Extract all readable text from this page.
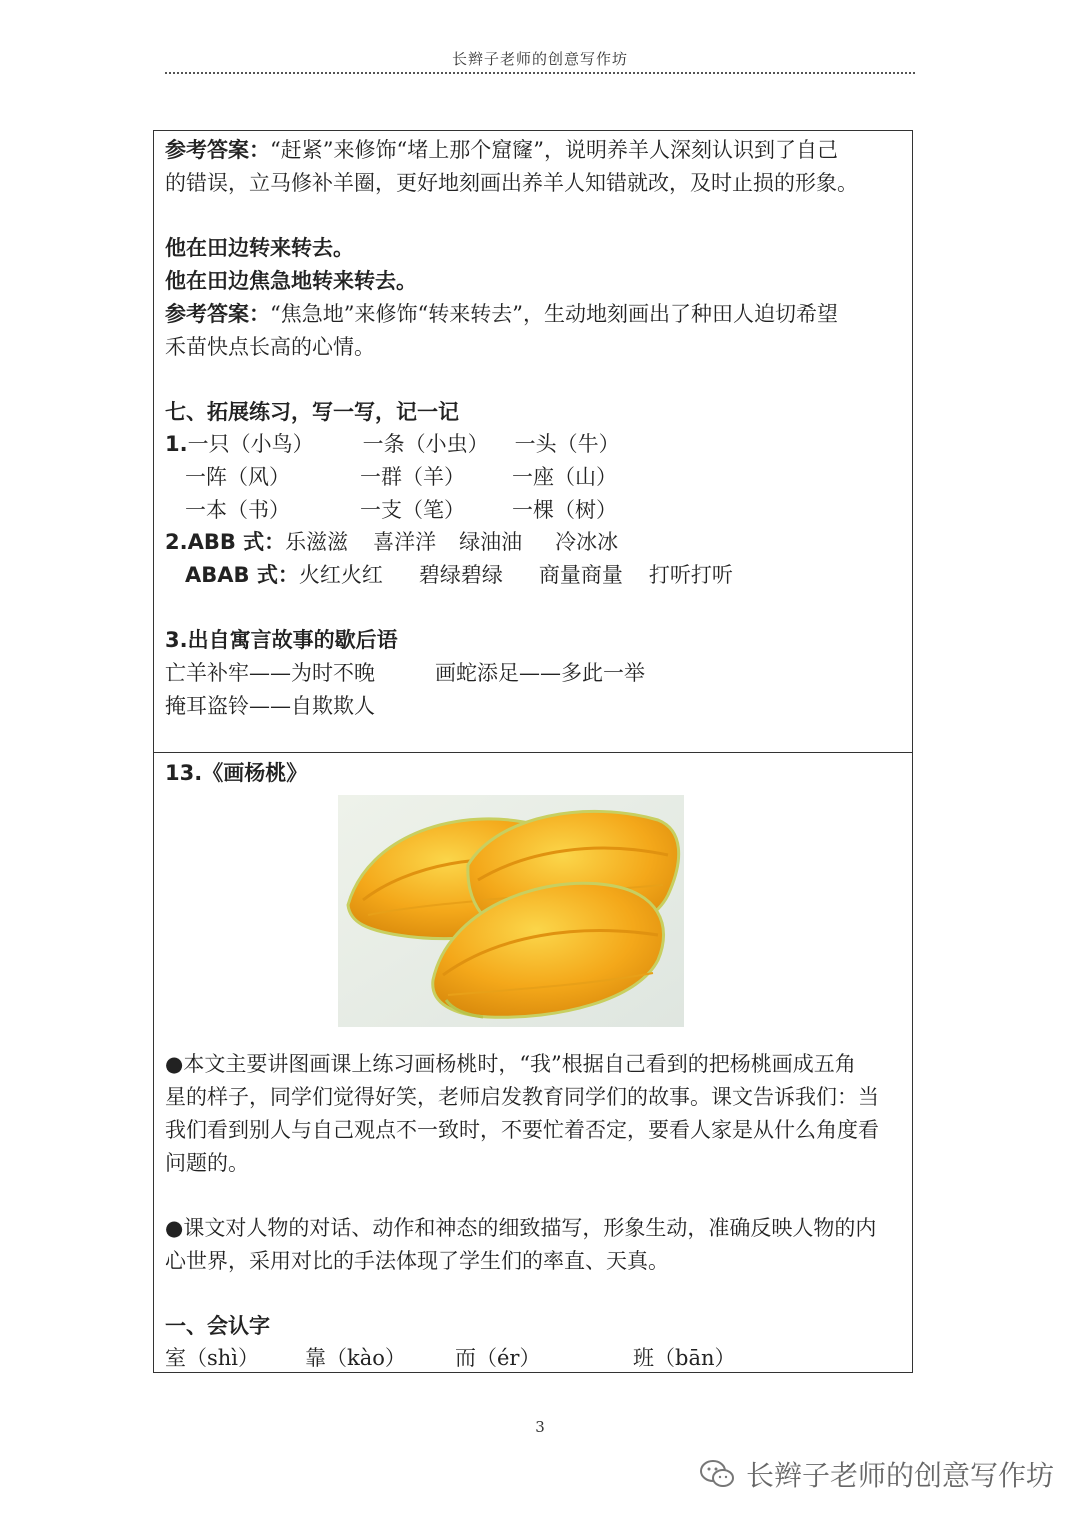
长辫子老师的创意写作坊
参考答案：“赶紧”来修饰“堵上那个窟窿”，说明养羊人深刻认识到了自己
的错误，立马修补羊圈，更好地刻画出养羊人知错就改，及时止损的形象。
他在田边转来转去。
他在田边焦急地转来转去。
参考答案：“焦急地”来修饰“转来转去”，生动地刻画出了种田人迫切希望
禾苗快点长高的心情。
七、拓展练习，写一写，记一记
1.一只（小鸟） 一条（小虫） 一头（牛）
一阵（风）	一群（羊） 一座（山）
一本（书）	一支（笔） 一棵（树）
2.ABB 式：乐滋滋 喜洋洋 绿油油 冷冰冰
ABAB 式：火红火红 碧绿碧绿 商量商量 打听打听
3.出自寓言故事的歇后语
亡羊补牢——为时不晚	画蛇添足——多此一举
掩耳盗铃——自欺欺人
13.《画杨桃》
●本文主要讲图画课上练习画杨桃时，“我”根据自己看到的把杨桃画成五角
星的样子，同学们觉得好笑，老师启发教育同学们的故事。课文告诉我们：当
我们看到别人与自己观点不一致时，不要忙着否定，要看人家是从什么角度看
问题的。
●课文对人物的对话、动作和神态的细致描写，形象生动，准确反映人物的内
心世界，采用对比的手法体现了学生们的率直、天真。
一、会认字
室（shì） 靠（kào） 而（ér）	班（bān）
3
长辫子老师的创意写作坊
